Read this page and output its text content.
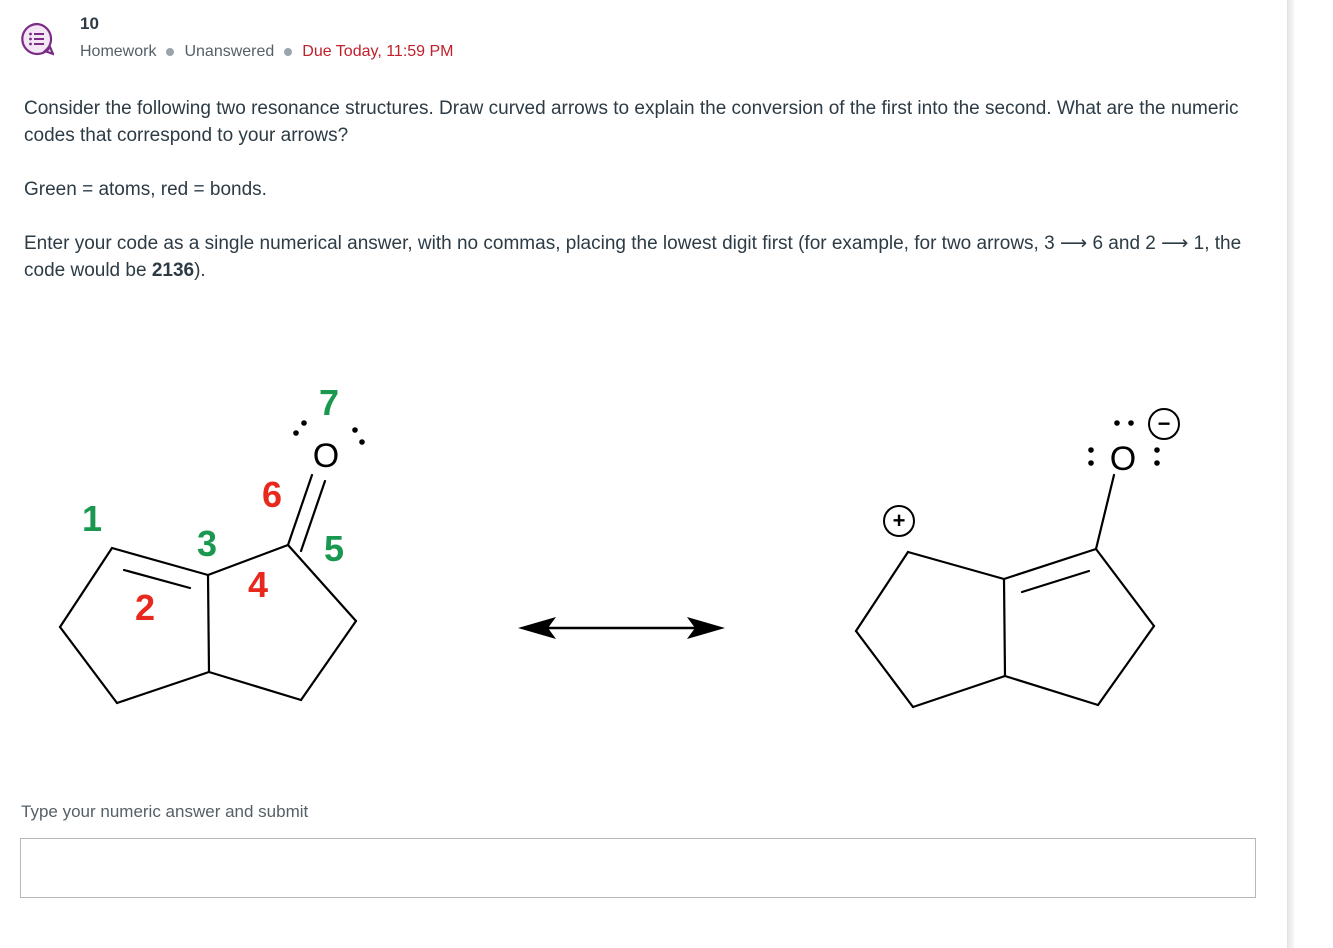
10
Homework Unanswered Due Today, 11:59 PM

Consider the following two resonance structures. Draw curved arrows to explain the conversion of the first into the second. What are the numeric codes that correspond to your arrows?

Green = atoms, red = bonds.

Enter your code as a single numerical answer, with no commas, placing the lowest digit first (for example, for two arrows, 3 ⟶ 6 and 2 ⟶ 1, the code would be 2136).

O	O
−
+
1
2
3
4
5
6
7
Type your numeric answer and submit
